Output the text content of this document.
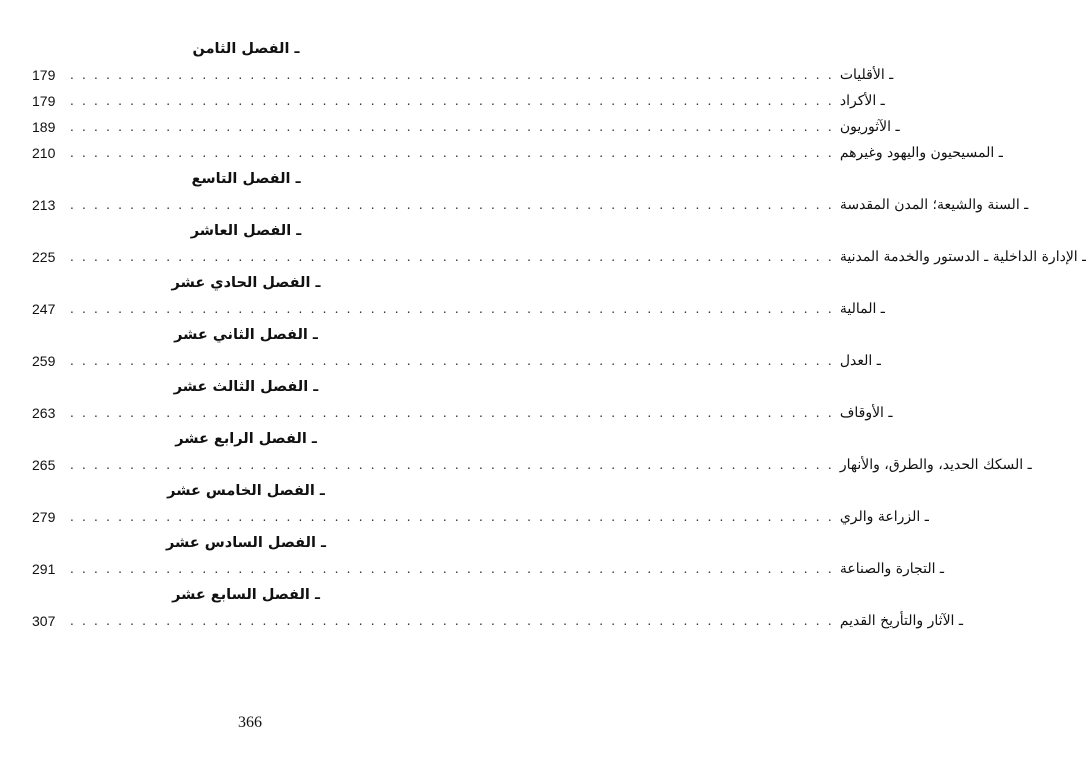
ـ الفصل الثامن
179	. . . . . . . . . . . . . . . . . . . . . . . . . . . . . . . . . . . . . . . . . . . . . . . . . . . . . . . . . . . . . . . . ـ الأقليات
179	. . . . . . . . . . . . . . . . . . . . . . . . . . . . . . . . . . . . . . . . . . . . . . . . . . . . . . . . . . . . . . . . ـ الأكراد
189	. . . . . . . . . . . . . . . . . . . . . . . . . . . . . . . . . . . . . . . . . . . . . . . . . . . . . . . . . . . . . . . . ـ الآثوريون
210	. . . . . . . . . . . . . . . . . . . . . . . . . . . . . . . . . . . . . . . . . . . . . . . . . . . . . . . . . . . . . . . . ـ المسيحيون واليهود وغيرهم
ـ الفصل التاسع
213	. . . . . . . . . . . . . . . . . . . . . . . . . . . . . . . . . . . . . . . . . . . . . . . . . . . . . . . . . . . . . . . . ـ السنة والشيعة؛ المدن المقدسة
ـ الفصل العاشر
225	. . . . . . . . . . . . . . . . . . . . . . . . . . . . . . . . . . . . . . . . . . . . . . . . . . . . . . . . . . . . . . . . ـ الإدارة الداخلية ـ الدستور والخدمة المدنية
ـ الفصل الحادي عشر
247	. . . . . . . . . . . . . . . . . . . . . . . . . . . . . . . . . . . . . . . . . . . . . . . . . . . . . . . . . . . . . . . . ـ المالية
ـ الفصل الثاني عشر
259	. . . . . . . . . . . . . . . . . . . . . . . . . . . . . . . . . . . . . . . . . . . . . . . . . . . . . . . . . . . . . . . . ـ العدل
ـ الفصل الثالث عشر
263	. . . . . . . . . . . . . . . . . . . . . . . . . . . . . . . . . . . . . . . . . . . . . . . . . . . . . . . . . . . . . . . . ـ الأوقاف
ـ الفصل الرابع عشر
265	. . . . . . . . . . . . . . . . . . . . . . . . . . . . . . . . . . . . . . . . . . . . . . . . . . . . . . . . . . . . . . . . ـ السكك الحديد، والطرق، والأنهار
ـ الفصل الخامس عشر
279	. . . . . . . . . . . . . . . . . . . . . . . . . . . . . . . . . . . . . . . . . . . . . . . . . . . . . . . . . . . . . . . . ـ الزراعة والري
ـ الفصل السادس عشر
291	. . . . . . . . . . . . . . . . . . . . . . . . . . . . . . . . . . . . . . . . . . . . . . . . . . . . . . . . . . . . . . . . ـ التجارة والصناعة
ـ الفصل السابع عشر
307	. . . . . . . . . . . . . . . . . . . . . . . . . . . . . . . . . . . . . . . . . . . . . . . . . . . . . . . . . . . . . . . . ـ الآثار والتأريخ القديم
366
